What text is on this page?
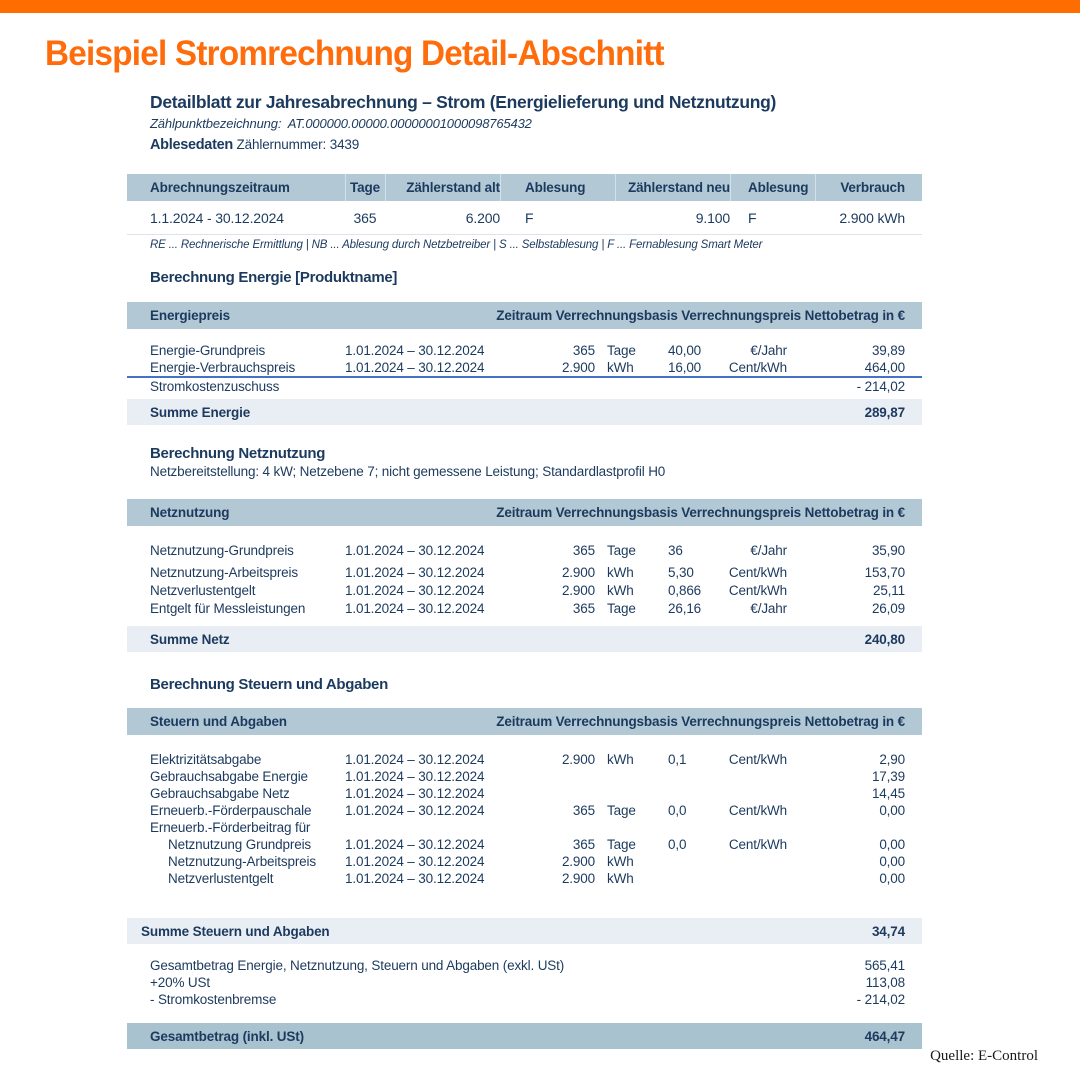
Beispiel Stromrechnung Detail-Abschnitt
Detailblatt zur Jahresabrechnung – Strom (Energielieferung und Netznutzung)
Zählpunktbezeichnung: AT.000000.00000.00000001000098765432
Ablesedaten Zählernummer: 3439
Abrechnungszeitraum	Tage	Zählerstand alt	Ablesung	Zählerstand neu	Ablesung	Verbrauch
1.1.2024 - 30.12.2024	365	6.200	F	9.100	F	2.900 kWh
RE ... Rechnerische Ermittlung | NB ... Ablesung durch Netzbetreiber | S ... Selbstablesung | F ... Fernablesung Smart Meter
Berechnung Energie [Produktname]
Energiepreis	Zeitraum Verrechnungsbasis Verrechnungspreis Nettobetrag in €
Energie-Grundpreis	1.01.2024 – 30.12.2024	365 Tage	40,00	€/Jahr	39,89
Energie-Verbrauchspreis	1.01.2024 – 30.12.2024	2.900 kWh	16,00	Cent/kWh	464,00
Stromkostenzuschuss	- 214,02
Summe Energie	289,87
Berechnung Netznutzung
Netzbereitstellung: 4 kW; Netzebene 7; nicht gemessene Leistung; Standardlastprofil H0
Netznutzung	Zeitraum Verrechnungsbasis Verrechnungspreis Nettobetrag in €
Netznutzung-Grundpreis	1.01.2024 – 30.12.2024	365 Tage	36	€/Jahr	35,90
Netznutzung-Arbeitspreis	1.01.2024 – 30.12.2024	2.900 kWh	5,30	Cent/kWh	153,70
Netzverlustentgelt	1.01.2024 – 30.12.2024	2.900 kWh	0,866	Cent/kWh	25,11
Entgelt für Messleistungen	1.01.2024 – 30.12.2024	365 Tage	26,16	€/Jahr	26,09
Summe Netz	240,80
Berechnung Steuern und Abgaben
Steuern und Abgaben	Zeitraum Verrechnungsbasis Verrechnungspreis Nettobetrag in €
Elektrizitätsabgabe	1.01.2024 – 30.12.2024	2.900 kWh	0,1	Cent/kWh	2,90
Gebrauchsabgabe Energie	1.01.2024 – 30.12.2024	17,39
Gebrauchsabgabe Netz	1.01.2024 – 30.12.2024	14,45
Erneuerb.-Förderpauschale	1.01.2024 – 30.12.2024	365 Tage	0,0	Cent/kWh	0,00
Erneuerb.-Förderbeitrag für
Netznutzung Grundpreis	1.01.2024 – 30.12.2024	365 Tage	0,0	Cent/kWh	0,00
Netznutzung-Arbeitspreis	1.01.2024 – 30.12.2024	2.900 kWh	0,00
Netzverlustentgelt	1.01.2024 – 30.12.2024	2.900 kWh	0,00
Summe Steuern und Abgaben	34,74
Gesamtbetrag Energie, Netznutzung, Steuern und Abgaben (exkl. USt)	565,41
+20% USt	113,08
- Stromkostenbremse	- 214,02
Gesamtbetrag (inkl. USt)	464,47
Quelle: E-Control
